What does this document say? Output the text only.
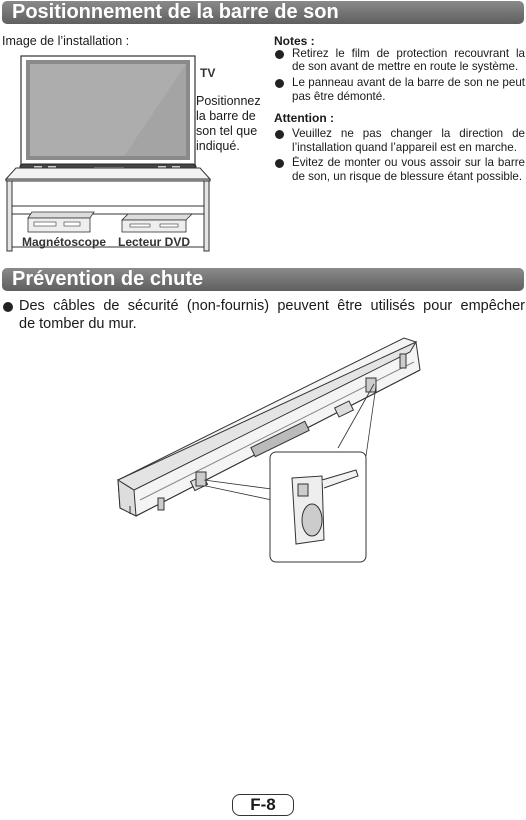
Positionnement de la barre de son
Image de l’installation :
TV
Positionnez
la barre de
son tel que
indiqué.
Magnétoscope Lecteur DVD
Notes :
Retirez le film de protection recouvrant la
de son avant de mettre en route le système.
Le panneau avant de la barre de son ne peut
pas être démonté.
Attention :
Veuillez ne pas changer la direction de
l’installation quand l’appareil est en marche.
Évitez de monter ou vous assoir sur la barre
de son, un risque de blessure étant possible.
Prévention de chute
Des câbles de sécurité (non-fournis) peuvent être utilisés pour empêcher
de tomber du mur.
F-8
